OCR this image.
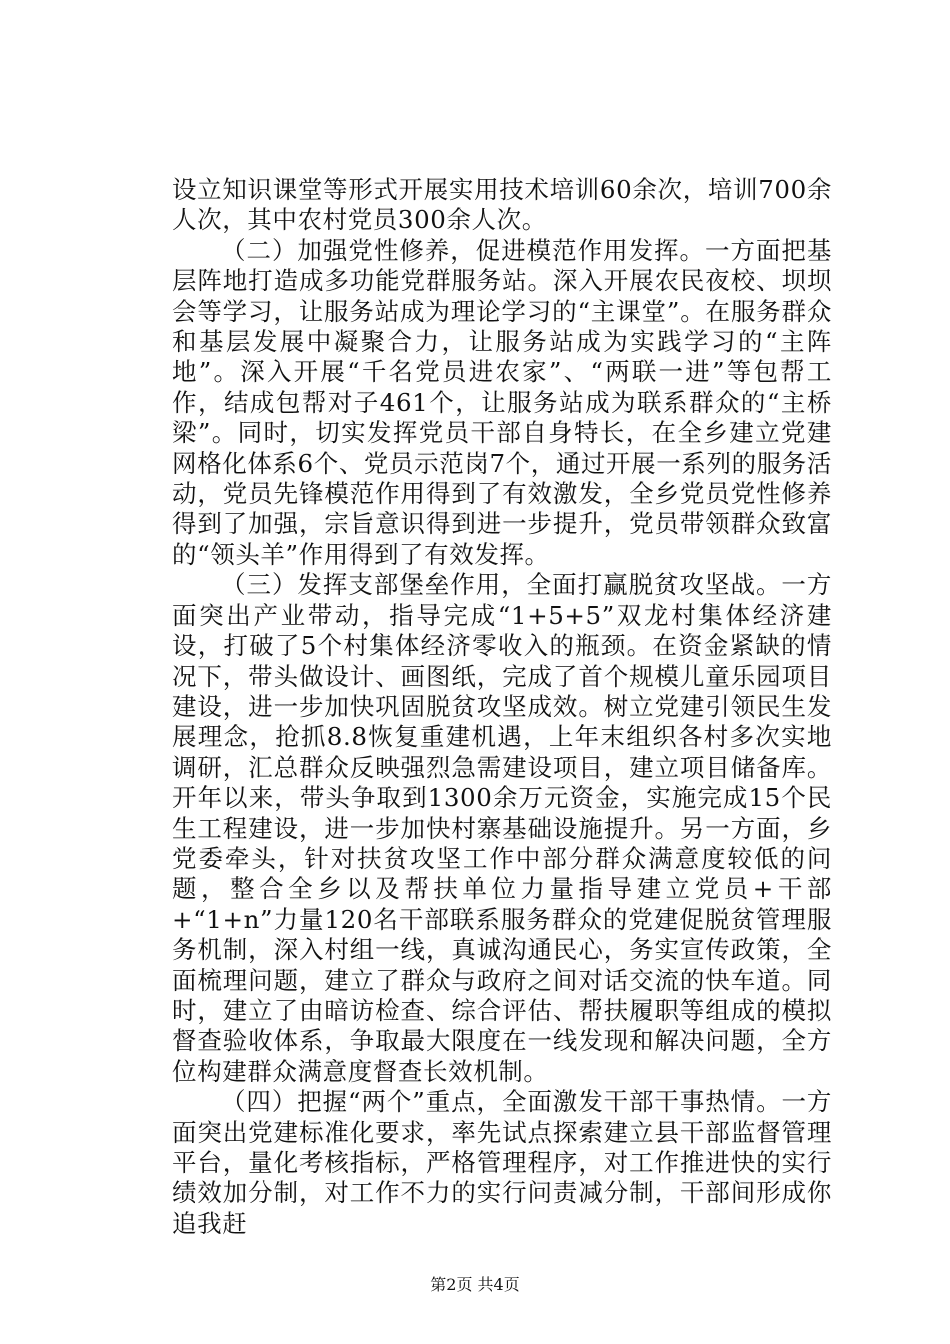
设立知识课堂等形式开展实用技术培训60余次，培训700余人次，其中农村党员300余人次。

（二）加强党性修养，促进模范作用发挥。一方面把基层阵地打造成多功能党群服务站。深入开展农民夜校、坝坝会等学习，让服务站成为理论学习的“主课堂”。在服务群众和基层发展中凝聚合力，让服务站成为实践学习的“主阵地”。深入开展“千名党员进农家”、“两联一进”等包帮工作，结成包帮对子461个，让服务站成为联系群众的“主桥梁”。同时，切实发挥党员干部自身特长，在全乡建立党建网格化体系6个、党员示范岗7个，通过开展一系列的服务活动，党员先锋模范作用得到了有效激发，全乡党员党性修养得到了加强，宗旨意识得到进一步提升，党员带领群众致富的“领头羊”作用得到了有效发挥。

（三）发挥支部堡垒作用，全面打赢脱贫攻坚战。一方面突出产业带动，指导完成“1+5+5”双龙村集体经济建设，打破了5个村集体经济零收入的瓶颈。在资金紧缺的情况下，带头做设计、画图纸，完成了首个规模儿童乐园项目建设，进一步加快巩固脱贫攻坚成效。树立党建引领民生发展理念，抢抓8.8恢复重建机遇，上年末组织各村多次实地调研，汇总群众反映强烈急需建设项目，建立项目储备库。开年以来，带头争取到1300余万元资金，实施完成15个民生工程建设，进一步加快村寨基础设施提升。另一方面，乡党委牵头，针对扶贫攻坚工作中部分群众满意度较低的问题，整合全乡以及帮扶单位力量指导建立党员+干部+“1+n”力量120名干部联系服务群众的党建促脱贫管理服务机制，深入村组一线，真诚沟通民心，务实宣传政策，全面梳理问题，建立了群众与政府之间对话交流的快车道。同时，建立了由暗访检查、综合评估、帮扶履职等组成的模拟督查验收体系，争取最大限度在一线发现和解决问题，全方位构建群众满意度督查长效机制。

（四）把握“两个”重点，全面激发干部干事热情。一方面突出党建标准化要求，率先试点探索建立县干部监督管理平台，量化考核指标，严格管理程序，对工作推进快的实行绩效加分制，对工作不力的实行问责减分制，干部间形成你追我赶

第2页 共4页
